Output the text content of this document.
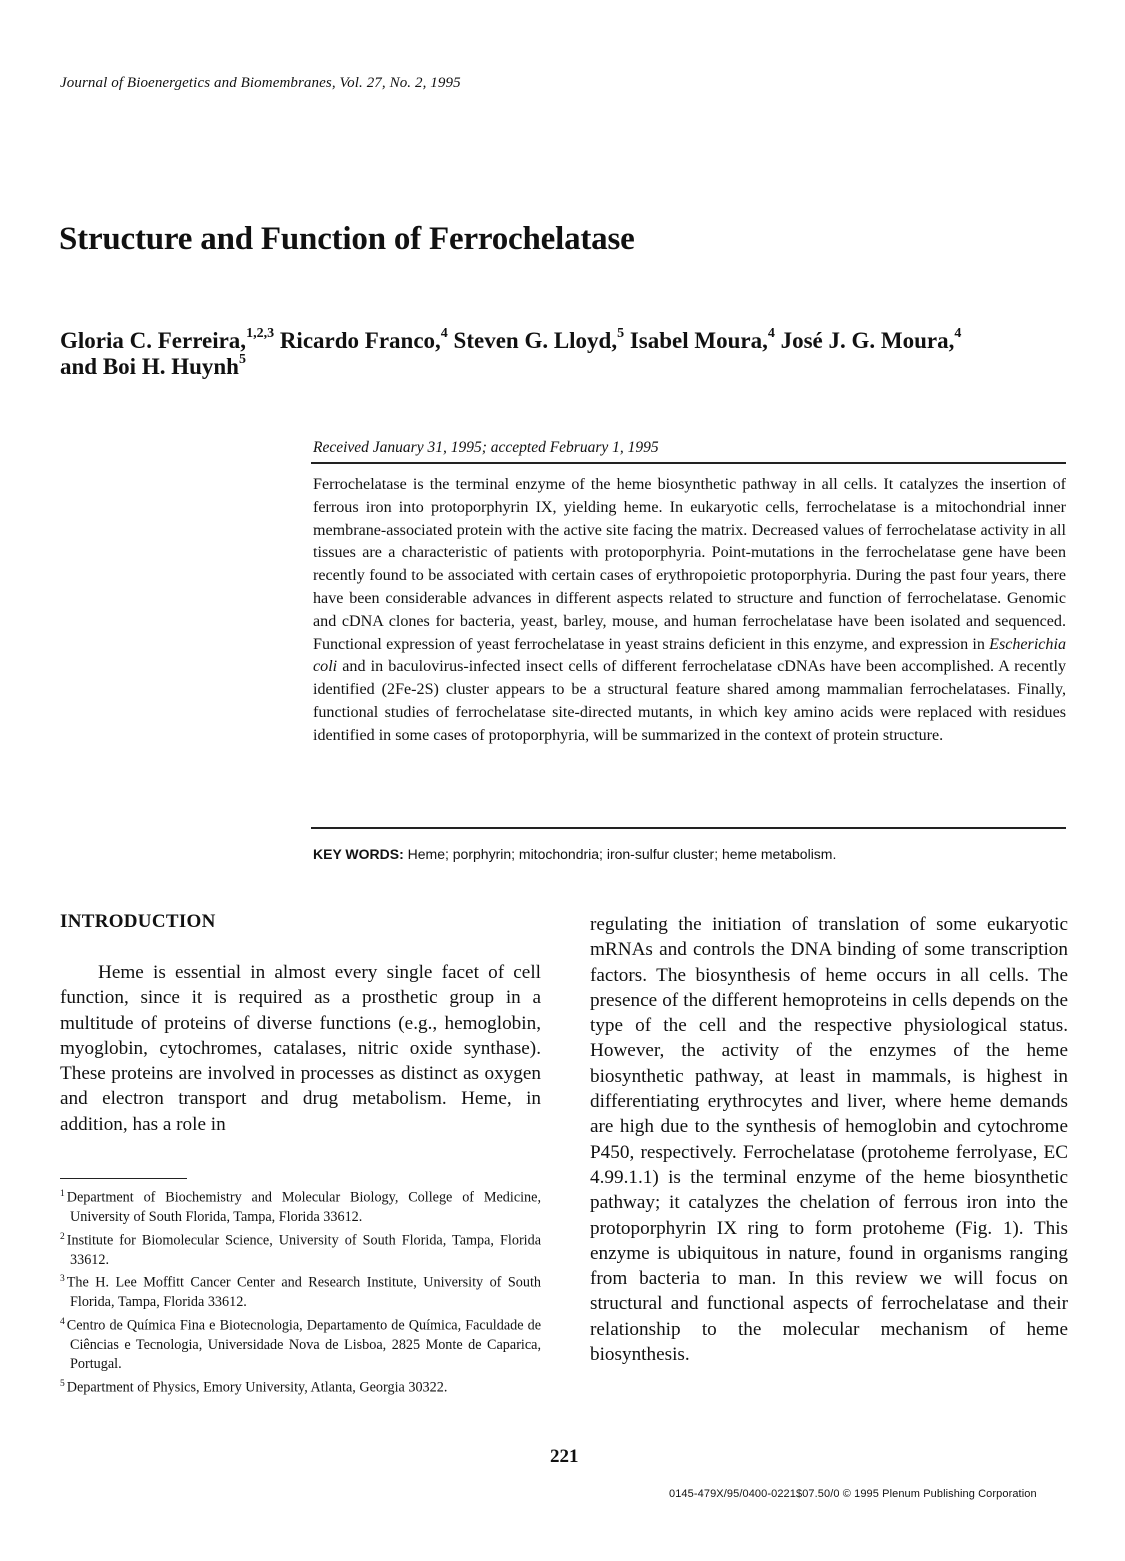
Journal of Bioenergetics and Biomembranes, Vol. 27, No. 2, 1995
Structure and Function of Ferrochelatase

Gloria C. Ferreira,$^{1,2,3}$ Ricardo Franco,$^4$ Steven G. Lloyd,$^5$ Isabel Moura,$^4$ José J. G. Moura,$^4$
and Boi H. Huynh$^5$

Received January 31, 1995; accepted February 1, 1995

Ferrochelatase is the terminal enzyme of the heme biosynthetic pathway in all cells. It catalyzes the insertion of ferrous iron into protoporphyrin IX, yielding heme. In eukaryotic cells, ferrochelatase is a mitochondrial inner membrane-associated protein with the active site facing the matrix. Decreased values of ferrochelatase activity in all tissues are a characteristic of patients with protoporphyria. Point-mutations in the ferrochelatase gene have been recently found to be associated with certain cases of erythropoietic protoporphyria. During the past four years, there have been considerable advances in different aspects related to structure and function of ferrochelatase. Genomic and cDNA clones for bacteria, yeast, barley, mouse, and human ferrochelatase have been isolated and sequenced. Functional expression of yeast ferrochelatase in yeast strains deficient in this enzyme, and expression in Escherichia coli and in baculovirus-infected insect cells of different ferrochelatase cDNAs have been accomplished. A recently identified (2Fe-2S) cluster appears to be a structural feature shared among mammalian ferrochelatases. Finally, functional studies of ferrochelatase site-directed mutants, in which key amino acids were replaced with residues identified in some cases of protoporphyria, will be summarized in the context of protein structure.

KEY WORDS: Heme; porphyrin; mitochondria; iron-sulfur cluster; heme metabolism.
INTRODUCTION

Heme is essential in almost every single facet of cell function, since it is required as a prosthetic group in a multitude of proteins of diverse functions (e.g., hemoglobin, myoglobin, cytochromes, catalases, nitric oxide synthase). These proteins are involved in processes as distinct as oxygen and electron transport and drug metabolism. Heme, in addition, has a role in

regulating the initiation of translation of some eukaryotic mRNAs and controls the DNA binding of some transcription factors. The biosynthesis of heme occurs in all cells. The presence of the different hemoproteins in cells depends on the type of the cell and the respective physiological status. However, the activity of the enzymes of the heme biosynthetic pathway, at least in mammals, is highest in differentiating erythrocytes and liver, where heme demands are high due to the synthesis of hemoglobin and cytochrome P450, respectively. Ferrochelatase (protoheme ferrolyase, EC 4.99.1.1) is the terminal enzyme of the heme biosynthetic pathway; it catalyzes the chelation of ferrous iron into the protoporphyrin IX ring to form protoheme (Fig. 1). This enzyme is ubiquitous in nature, found in organisms ranging from bacteria to man. In this review we will focus on structural and functional aspects of ferrochelatase and their relationship to the molecular mechanism of heme biosynthesis.

$^1$ Department of Biochemistry and Molecular Biology, College of Medicine, University of South Florida, Tampa, Florida 33612.

$^2$ Institute for Biomolecular Science, University of South Florida, Tampa, Florida 33612.

$^3$ The H. Lee Moffitt Cancer Center and Research Institute, University of South Florida, Tampa, Florida 33612.

$^4$ Centro de Química Fina e Biotecnologia, Departamento de Química, Faculdade de Ciências e Tecnologia, Universidade Nova de Lisboa, 2825 Monte de Caparica, Portugal.

$^5$ Department of Physics, Emory University, Atlanta, Georgia 30322.

221
0145-479X/95/0400-0221$07.50/0 © 1995 Plenum Publishing Corporation
